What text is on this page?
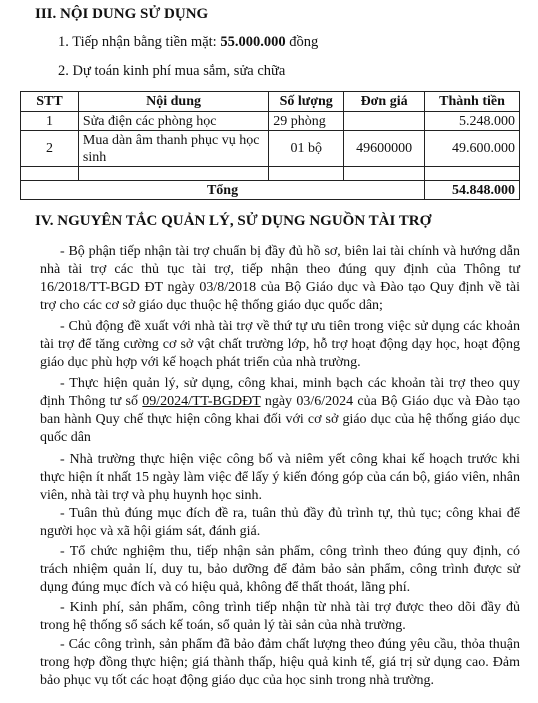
III. NỘI DUNG SỬ DỤNG
1. Tiếp nhận bằng tiền mặt: 55.000.000 đồng
2. Dự toán kinh phí mua sắm, sửa chữa
STT	Nội dung	Số lượng	Đơn giá	Thành tiền
1	Sửa điện các phòng học	29 phòng		5.248.000
2	Mua dàn âm thanh phục vụ học sinh	01 bộ	49600000	49.600.000

Tổng				54.848.000
IV. NGUYÊN TẮC QUẢN LÝ, SỬ DỤNG NGUỒN TÀI TRỢ
- Bộ phận tiếp nhận tài trợ chuẩn bị đầy đủ hồ sơ, biên lai tài chính và hướng dẫn nhà tài trợ các thủ tục tài trợ, tiếp nhận theo đúng quy định của Thông tư 16/2018/TT-BGD ĐT ngày 03/8/2018 của Bộ Giáo dục và Đào tạo Quy định về tài trợ cho các cơ sở giáo dục thuộc hệ thống giáo dục quốc dân;
- Chủ động đề xuất với nhà tài trợ về thứ tự ưu tiên trong việc sử dụng các khoản tài trợ để tăng cường cơ sở vật chất trường lớp, hỗ trợ hoạt động dạy học, hoạt động giáo dục phù hợp với kế hoạch phát triển của nhà trường.
- Thực hiện quản lý, sử dụng, công khai, minh bạch các khoản tài trợ theo quy định Thông tư số 09/2024/TT-BGDĐT ngày 03/6/2024 của Bộ Giáo dục và Đào tạo ban hành Quy chế thực hiện công khai đối với cơ sở giáo dục của hệ thống giáo dục quốc dân
- Nhà trường thực hiện việc công bố và niêm yết công khai kế hoạch trước khi thực hiện ít nhất 15 ngày làm việc để lấy ý kiến đóng góp của cán bộ, giáo viên, nhân viên, nhà tài trợ và phụ huynh học sinh.
- Tuân thủ đúng mục đích đề ra, tuân thủ đầy đủ trình tự, thủ tục; công khai để người học và xã hội giám sát, đánh giá.
- Tổ chức nghiệm thu, tiếp nhận sản phẩm, công trình theo đúng quy định, có trách nhiệm quản lí, duy tu, bảo dưỡng để đảm bảo sản phẩm, công trình được sử dụng đúng mục đích và có hiệu quả, không để thất thoát, lãng phí.
- Kinh phí, sản phẩm, công trình tiếp nhận từ nhà tài trợ được theo dõi đầy đủ trong hệ thống sổ sách kế toán, sổ quản lý tài sản của nhà trường.
- Các công trình, sản phẩm đã bảo đảm chất lượng theo đúng yêu cầu, thỏa thuận trong hợp đồng thực hiện; giá thành thấp, hiệu quả kinh tế, giá trị sử dụng cao. Đảm bảo phục vụ tốt các hoạt động giáo dục của học sinh trong nhà trường.
